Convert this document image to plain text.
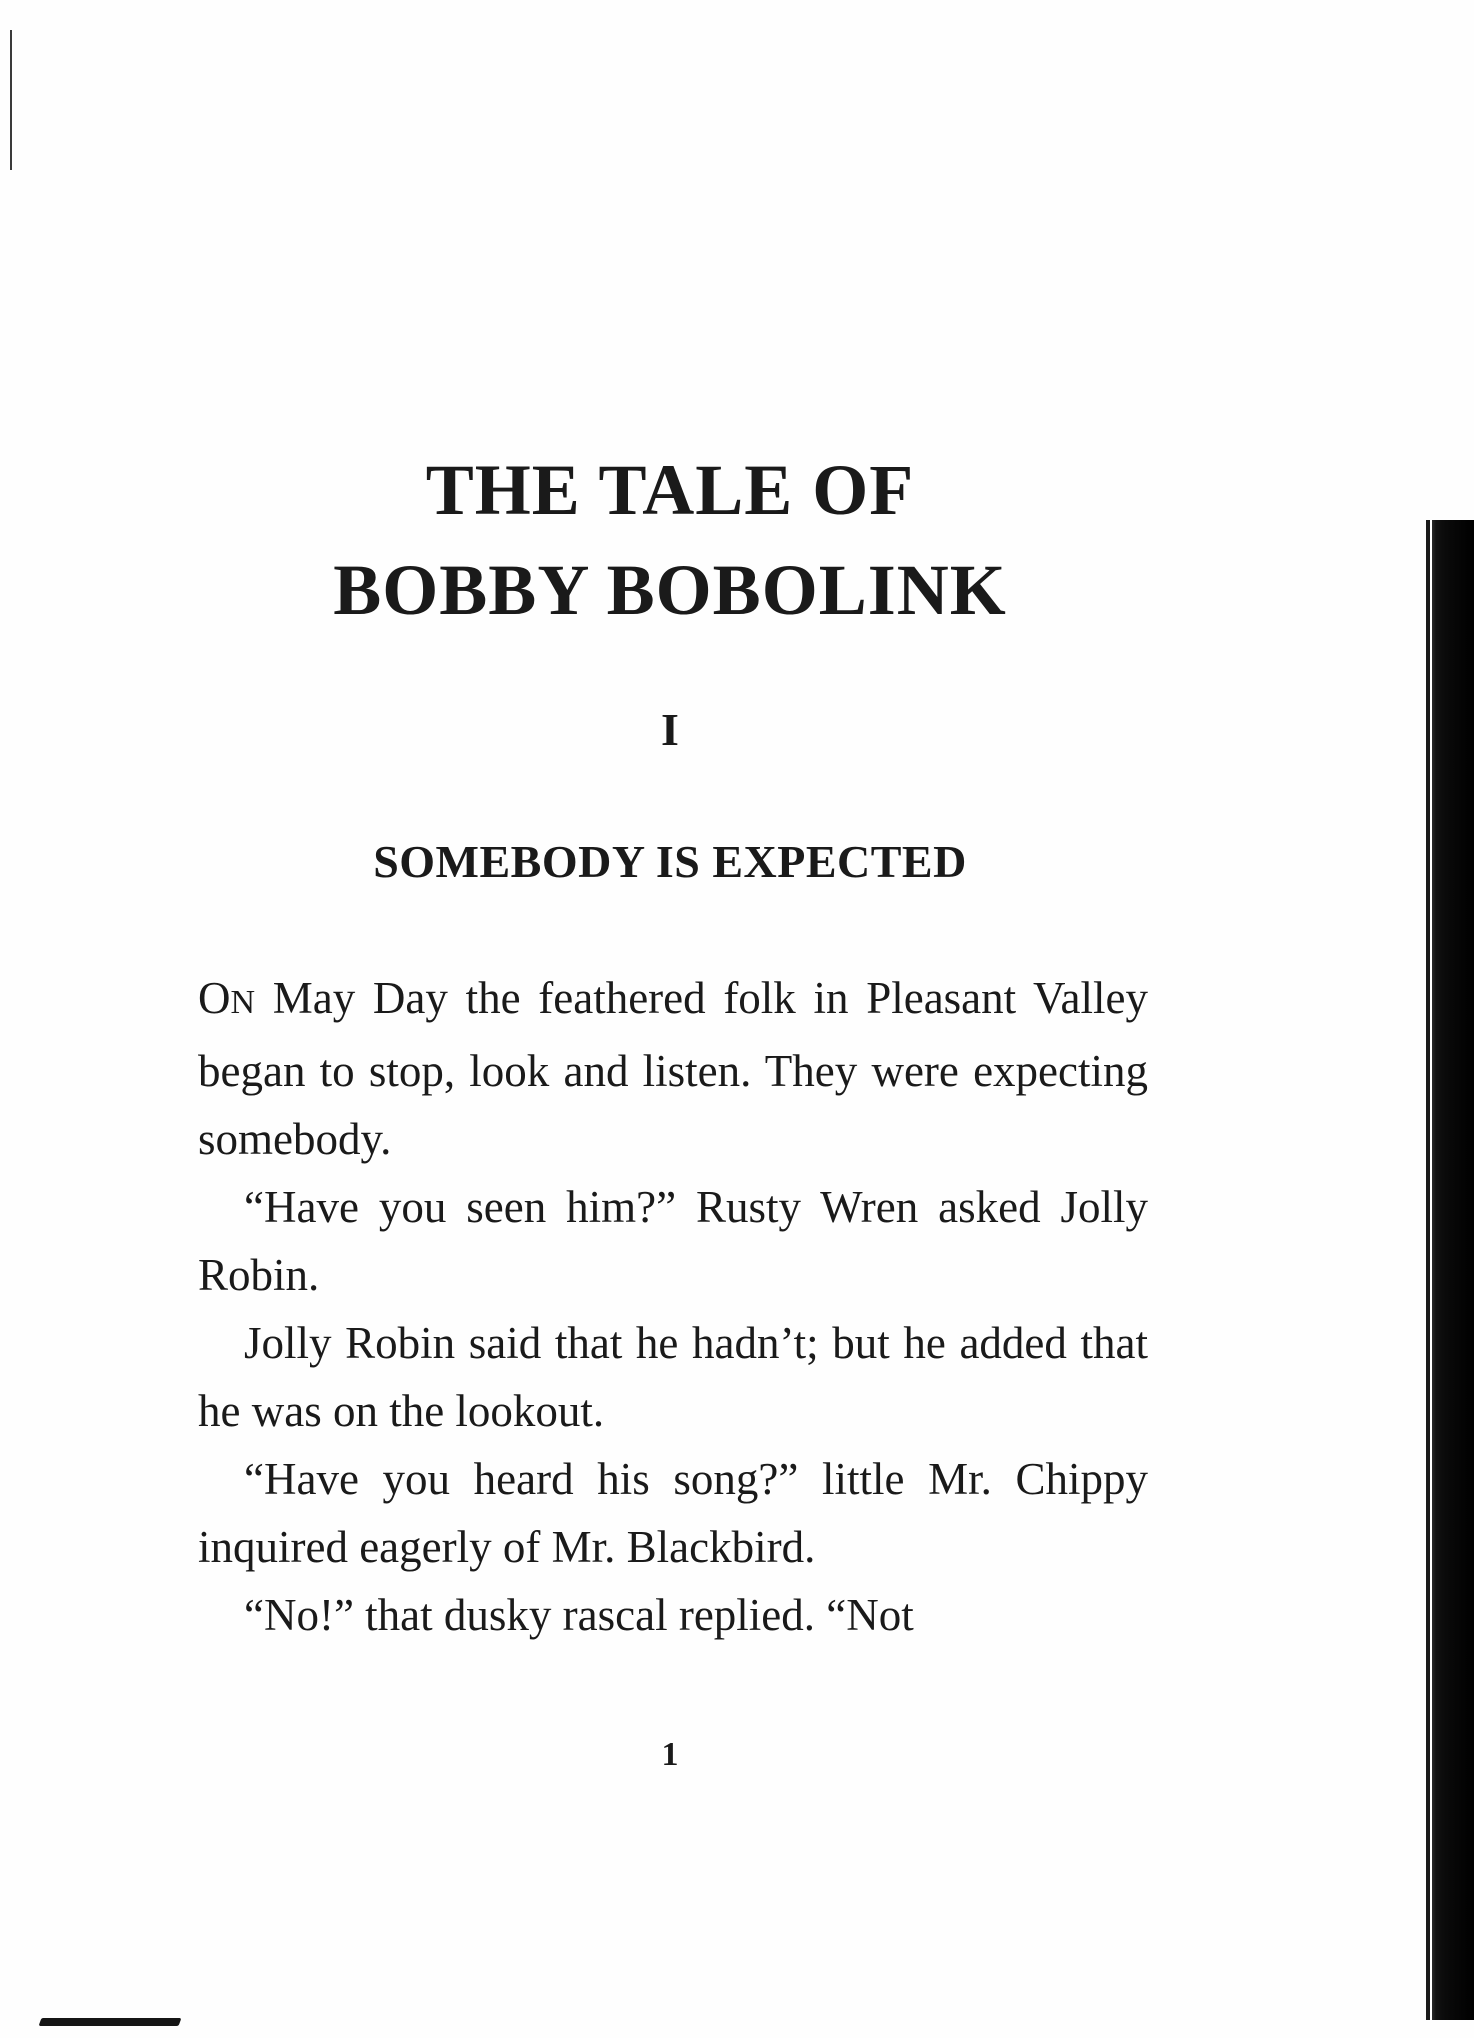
THE TALE OF
BOBBY BOBOLINK
I
SOMEBODY IS EXPECTED

ON May Day the feathered folk in Pleasant Valley began to stop, look and listen. They were expecting somebody.

“Have you seen him?” Rusty Wren asked Jolly Robin.

Jolly Robin said that he hadn’t; but he added that he was on the lookout.

“Have you heard his song?” little Mr. Chippy inquired eagerly of Mr. Blackbird.

“No!” that dusky rascal replied. “Not

1
